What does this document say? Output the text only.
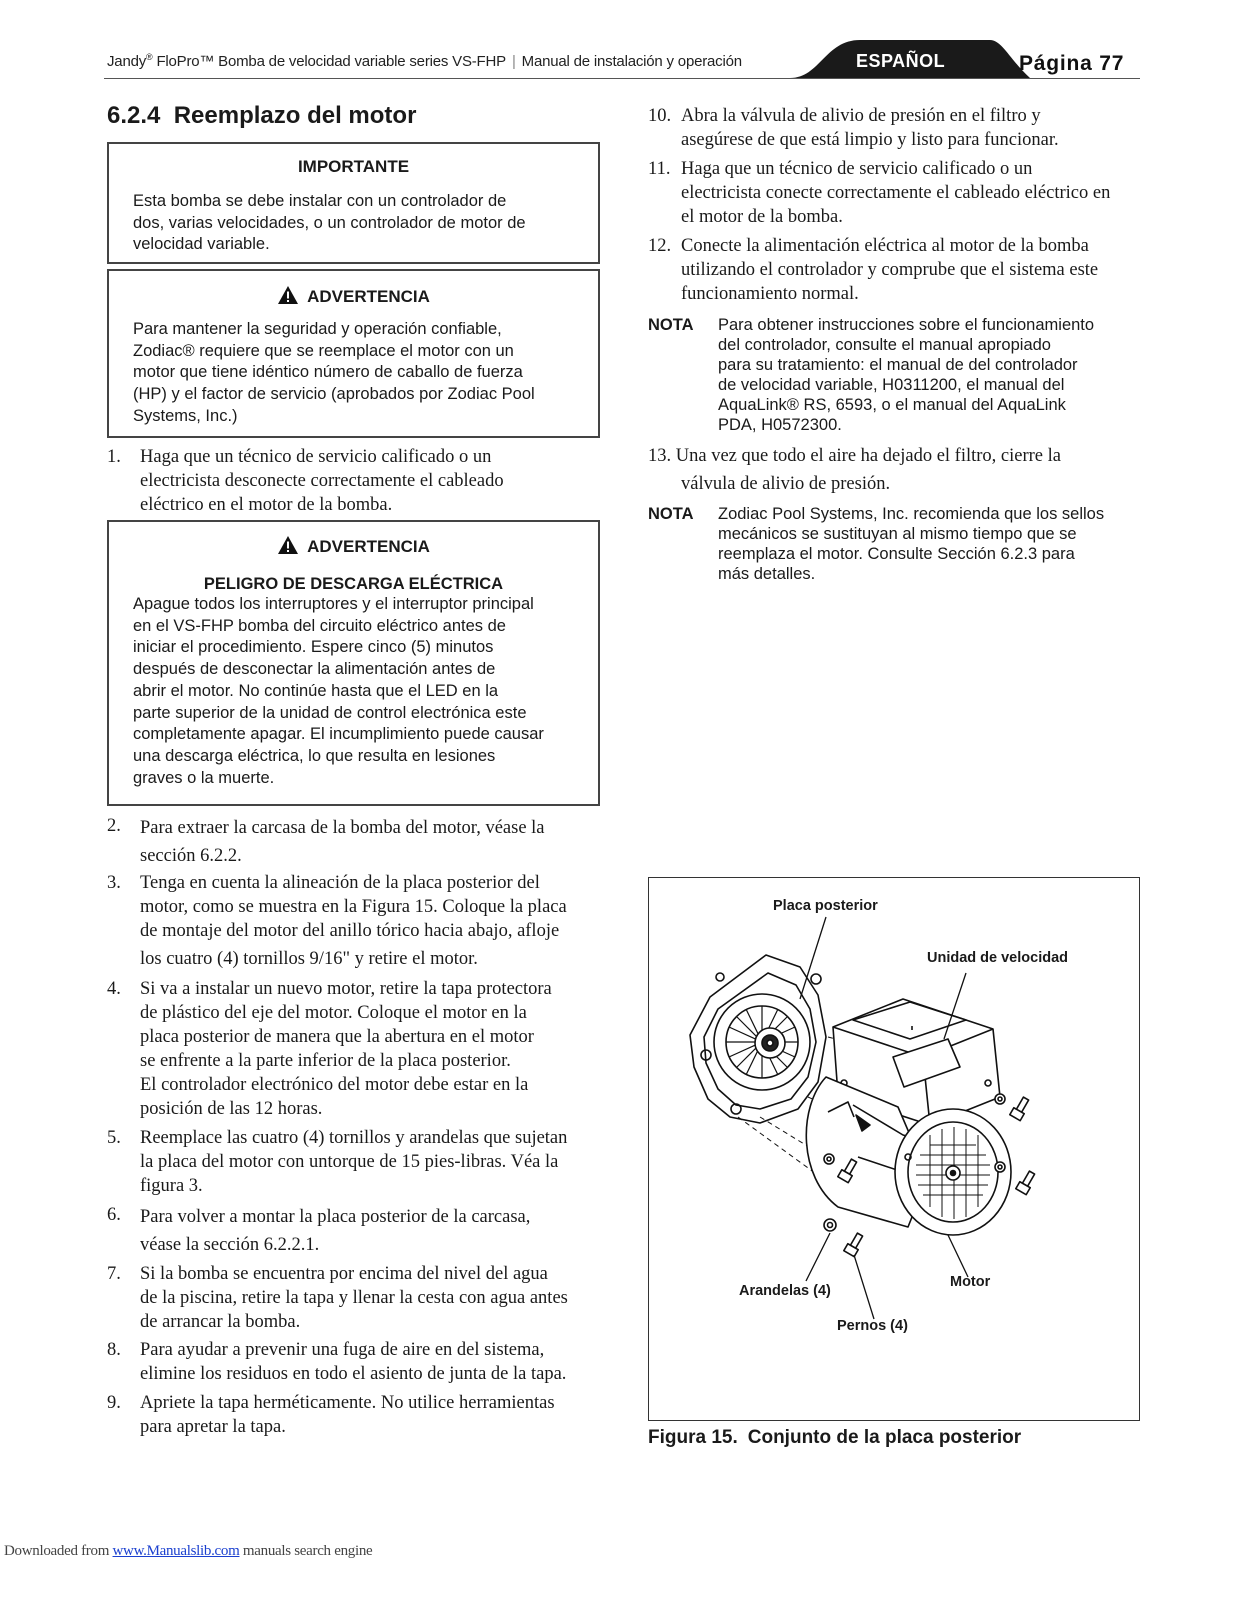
Jandy® FloPro™ Bomba de velocidad variable series VS-FHP | Manual de instalación y operación	ESPAÑOL	Página 77
6.2.4  Reemplazo del motor
IMPORTANTE
Esta bomba se debe instalar con un controlador de
dos, varias velocidades, o un controlador de motor de
velocidad variable.
ADVERTENCIA
Para mantener la seguridad y operación confiable,
Zodiac® requiere que se reemplace el motor con un
motor que tiene idéntico número de caballo de fuerza
(HP) y el factor de servicio (aprobados por Zodiac Pool
Systems, Inc.)
1. Haga que un técnico de servicio calificado o un
electricista desconecte correctamente el cableado
eléctrico en el motor de la bomba.
ADVERTENCIA
PELIGRO DE DESCARGA ELÉCTRICA
Apague todos los interruptores y el interruptor principal
en el VS-FHP bomba del circuito eléctrico antes de
iniciar el procedimiento. Espere cinco (5) minutos
después de desconectar la alimentación antes de
abrir el motor. No continúe hasta que el LED en la
parte superior de la unidad de control electrónica este
completamente apagar. El incumplimiento puede causar
una descarga eléctrica, lo que resulta en lesiones
graves o la muerte.
2. Para extraer la carcasa de la bomba del motor, véase la
sección 6.2.2.
3. Tenga en cuenta la alineación de la placa posterior del
motor, como se muestra en la Figura 15. Coloque la placa
de montaje del motor del anillo tórico hacia abajo, afloje
los cuatro (4) tornillos 9/16" y retire el motor.
4. Si va a instalar un nuevo motor, retire la tapa protectora
de plástico del eje del motor. Coloque el motor en la
placa posterior de manera que la abertura en el motor
se enfrente a la parte inferior de la placa posterior.
El controlador electrónico del motor debe estar en la
posición de las 12 horas.
5. Reemplace las cuatro (4) tornillos y arandelas que sujetan
la placa del motor con untorque de 15 pies-libras. Véa la
figura 3.
6. Para volver a montar la placa posterior de la carcasa,
véase la sección 6.2.2.1.
7. Si la bomba se encuentra por encima del nivel del agua
de la piscina, retire la tapa y llenar la cesta con agua antes
de arrancar la bomba.
8. Para ayudar a prevenir una fuga de aire en del sistema,
elimine los residuos en todo el asiento de junta de la tapa.
9. Apriete la tapa herméticamente. No utilice herramientas
para apretar la tapa.
10. Abra la válvula de alivio de presión en el filtro y
asegúrese de que está limpio y listo para funcionar.
11. Haga que un técnico de servicio calificado o un
electricista conecte correctamente el cableado eléctrico en
el motor de la bomba.
12. Conecte la alimentación eléctrica al motor de la bomba
utilizando el controlador y comprube que el sistema este
funcionamiento normal.
NOTA Para obtener instrucciones sobre el funcionamiento
del controlador, consulte el manual apropiado
para su tratamiento: el manual de del controlador
de velocidad variable, H0311200, el manual del
AquaLink® RS, 6593, o el manual del AquaLink
PDA, H0572300.
13. Una vez que todo el aire ha dejado el filtro, cierre la
válvula de alivio de presión.
NOTA Zodiac Pool Systems, Inc. recomienda que los sellos
mecánicos se sustituyan al mismo tiempo que se
reemplaza el motor. Consulte Sección 6.2.3 para
más detalles.
Placa posterior
Unidad de velocidad
Arandelas (4)
Motor
Pernos (4)
Figura 15. Conjunto de la placa posterior
Downloaded from www.Manualslib.com manuals search engine
